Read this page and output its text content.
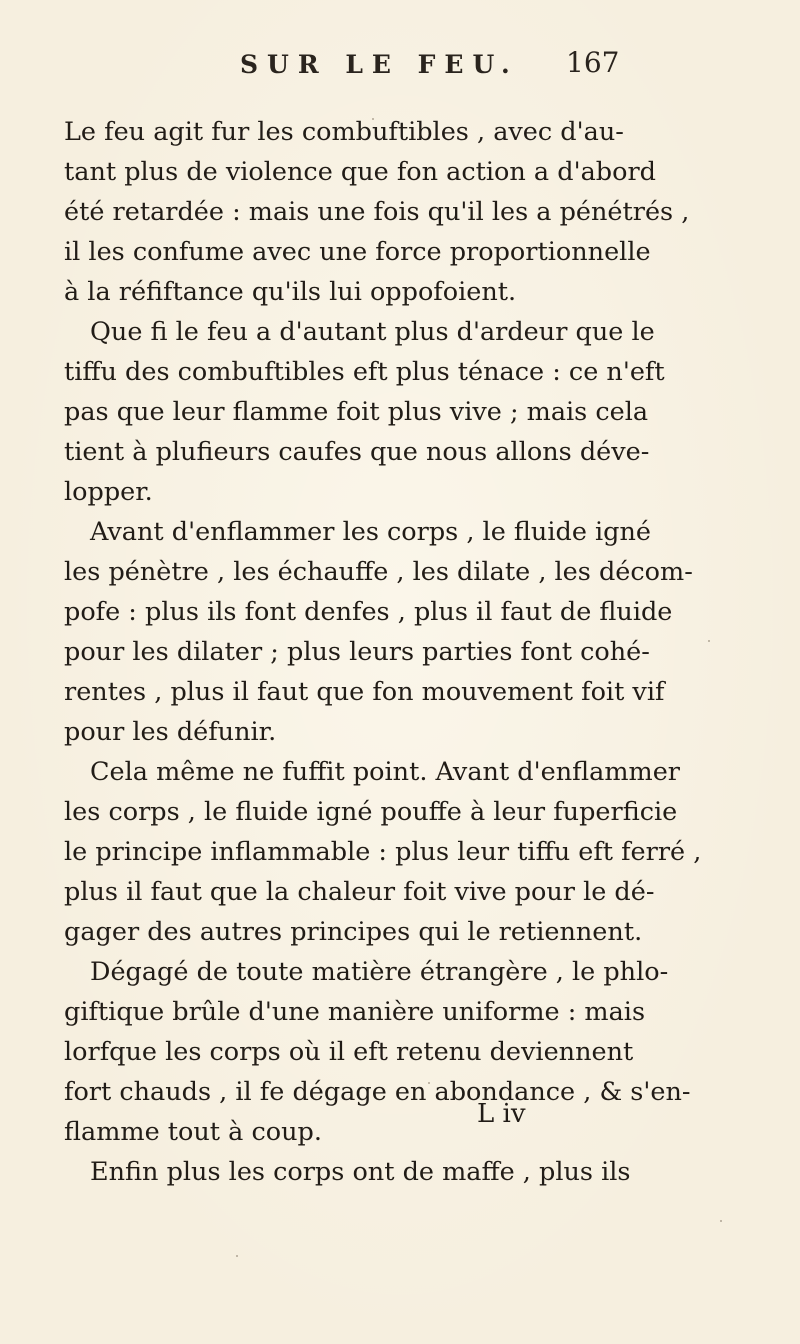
SUR LE FEU. 167
Le feu agit fur les combuftibles , avec d'au-
tant plus de violence que fon action a d'abord
été retardée : mais une fois qu'il les a pénétrés ,
il les confume avec une force proportionnelle
à la réfiftance qu'ils lui oppofoient.
Que fi le feu a d'autant plus d'ardeur que le
tiffu des combuftibles eft plus ténace : ce n'eft
pas que leur flamme foit plus vive ; mais cela
tient à plufieurs caufes que nous allons déve-
lopper.
Avant d'enflammer les corps , le fluide igné
les pénètre , les échauffe , les dilate , les décom-
pofe : plus ils font denfes , plus il faut de fluide
pour les dilater ; plus leurs parties font cohé-
rentes , plus il faut que fon mouvement foit vif
pour les défunir.
Cela même ne fuffit point. Avant d'enflammer
les corps , le fluide igné pouffe à leur fuperficie
le principe inflammable : plus leur tiffu eft ferré ,
plus il faut que la chaleur foit vive pour le dé-
gager des autres principes qui le retiennent.
Dégagé de toute matière étrangère , le phlo-
giftique brûle d'une manière uniforme : mais
lorfque les corps où il eft retenu deviennent
fort chauds , il fe dégage en abondance , & s'en-
flamme tout à coup.
Enfin plus les corps ont de maffe , plus ils
L iv
